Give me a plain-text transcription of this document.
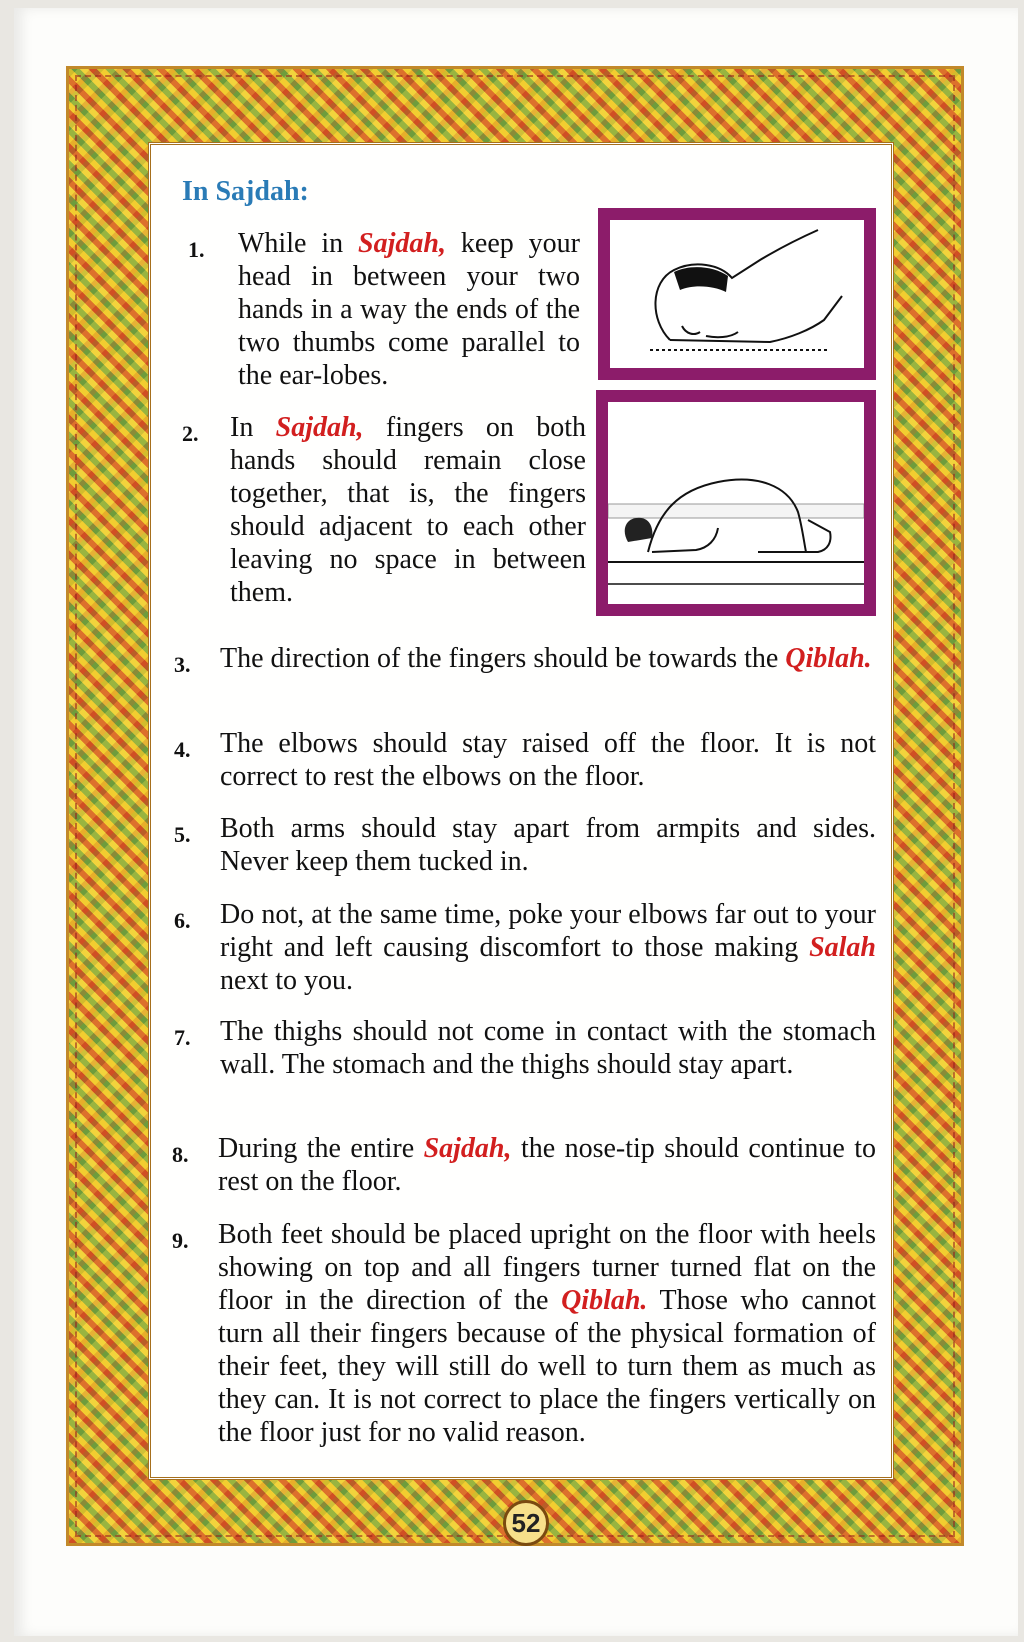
In Sajdah:
1. While in Sajdah, keep your head in between your two hands in a way the ends of the two thumbs come parallel to the ear-lobes.

2. In Sajdah, fingers on both hands should remain close together, that is, the fingers should adjacent to each other leaving no space in between them.

3. The direction of the fingers should be towards the Qiblah.

4. The elbows should stay raised off the floor. It is not correct to rest the elbows on the floor.

5. Both arms should stay apart from armpits and sides. Never keep them tucked in.

6. Do not, at the same time, poke your elbows far out to your right and left causing discomfort to those making Salah next to you.

7. The thighs should not come in contact with the stomach wall. The stomach and the thighs should stay apart.

8. During the entire Sajdah, the nose-tip should continue to rest on the floor.

9. Both feet should be placed upright on the floor with heels showing on top and all fingers turner turned flat on the floor in the direction of the Qiblah. Those who cannot turn all their fingers because of the physical formation of their feet, they will still do well to turn them as much as they can. It is not correct to place the fingers vertically on the floor just for no valid reason.

52
